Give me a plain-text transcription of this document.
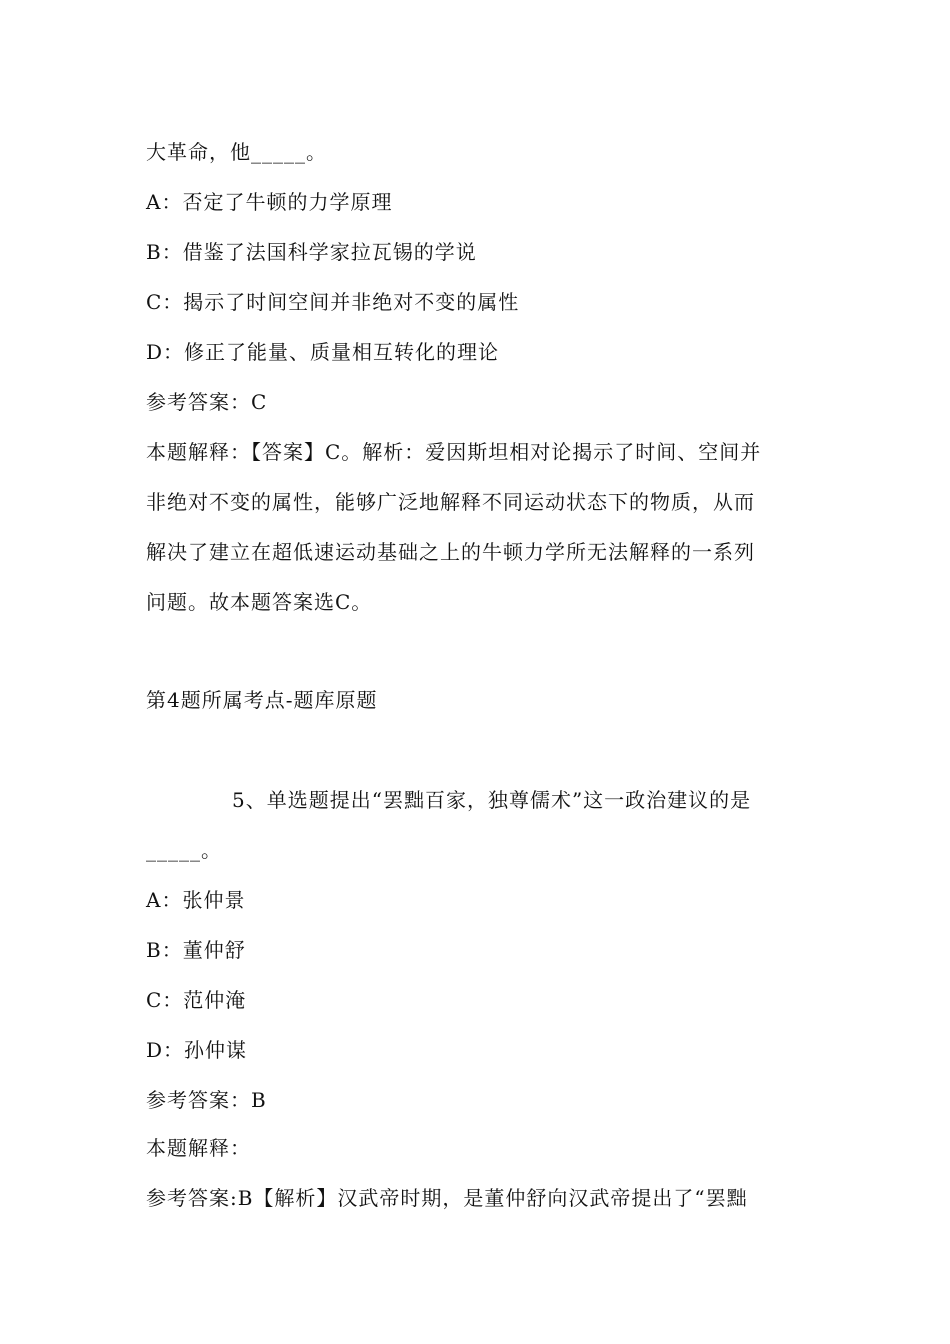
大革命，他_____。
A：否定了牛顿的力学原理
B：借鉴了法国科学家拉瓦锡的学说
C：揭示了时间空间并非绝对不变的属性
D：修正了能量、质量相互转化的理论
参考答案：C
本题解释：【答案】C。解析：爱因斯坦相对论揭示了时间、空间并
非绝对不变的属性，能够广泛地解释不同运动状态下的物质，从而
解决了建立在超低速运动基础之上的牛顿力学所无法解释的一系列
问题。故本题答案选C。
第4题所属考点-题库原题
5、单选题提出“罢黜百家，独尊儒术”这一政治建议的是
_____。
A：张仲景
B：董仲舒
C：范仲淹
D：孙仲谋
参考答案：B
本题解释：
参考答案:B【解析】汉武帝时期，是董仲舒向汉武帝提出了“罢黜
